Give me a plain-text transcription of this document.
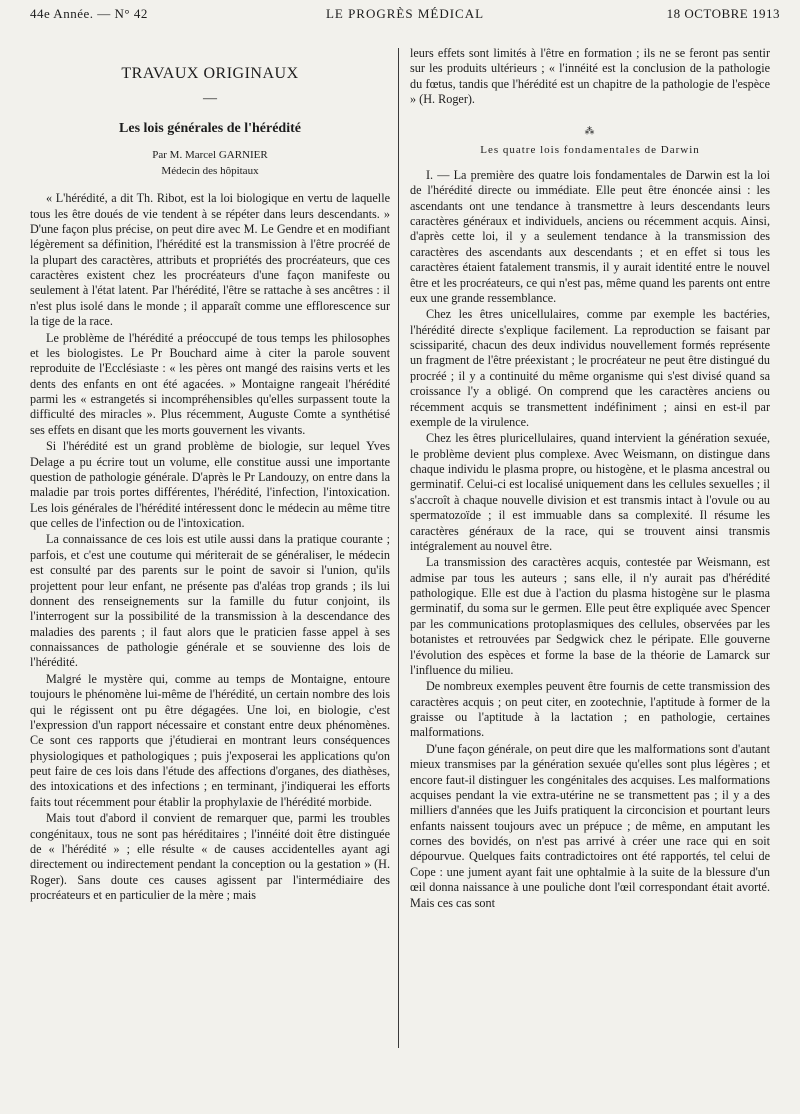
44e Année. — N° 42	LE PROGRÈS MÉDICAL	18 OCTOBRE 1913
TRAVAUX ORIGINAUX
—
Les lois générales de l'hérédité
Par M. Marcel GARNIER
Médecin des hôpitaux

« L'hérédité, a dit Th. Ribot, est la loi biologique en vertu de laquelle tous les être doués de vie tendent à se répéter dans leurs descendants. » D'une façon plus précise, on peut dire avec M. Le Gendre et en modifiant légèrement sa définition, l'hérédité est la transmission à l'être procréé de la plupart des caractères, attributs et propriétés des procréateurs, que ces caractères existent chez les procréateurs d'une façon manifeste ou seulement à l'état latent. Par l'hérédité, l'être se rattache à ses ancêtres : il n'est plus isolé dans le monde ; il apparaît comme une efflorescence sur la tige de la race.

Le problème de l'hérédité a préoccupé de tous temps les philosophes et les biologistes. Le Pr Bouchard aime à citer la parole souvent reproduite de l'Ecclésiaste : « les pères ont mangé des raisins verts et les dents des enfants en ont été agacées. » Montaigne rangeait l'hérédité parmi les « estrangetés si incompréhensibles qu'elles surpassent toute la difficulté des miracles ». Plus récemment, Auguste Comte a synthétisé ses effets en disant que les morts gouvernent les vivants.

Si l'hérédité est un grand problème de biologie, sur lequel Yves Delage a pu écrire tout un volume, elle constitue aussi une importante question de pathologie générale. D'après le Pr Landouzy, on entre dans la maladie par trois portes différentes, l'hérédité, l'infection, l'intoxication. Les lois générales de l'hérédité intéressent donc le médecin au même titre que celles de l'infection ou de l'intoxication.

La connaissance de ces lois est utile aussi dans la pratique courante ; parfois, et c'est une coutume qui mériterait de se généraliser, le médecin est consulté par des parents sur le point de savoir si l'union, qu'ils projettent pour leur enfant, ne présente pas d'aléas trop grands ; ils lui donnent des renseignements sur la famille du futur conjoint, ils l'interrogent sur la possibilité de la transmission à la descendance des maladies des parents ; il faut alors que le praticien fasse appel à ses connaissances de pathologie générale et se souvienne des lois de l'hérédité.

Malgré le mystère qui, comme au temps de Montaigne, entoure toujours le phénomène lui-même de l'hérédité, un certain nombre des lois qui le régissent ont pu être dégagées. Une loi, en biologie, c'est l'expression d'un rapport nécessaire et constant entre deux phénomènes. Ce sont ces rapports que j'étudierai en montrant leurs conséquences physiologiques et pathologiques ; puis j'exposerai les applications qu'on peut faire de ces lois dans l'étude des affections d'organes, des diathèses, des intoxications et des infections ; en terminant, j'indiquerai les efforts faits tout récemment pour établir la prophylaxie de l'hérédité morbide.

Mais tout d'abord il convient de remarquer que, parmi les troubles congénitaux, tous ne sont pas héréditaires ; l'innéité doit être distinguée de « l'hérédité » ; elle résulte « de causes accidentelles ayant agi directement ou indirectement pendant la conception ou la gestation » (H. Roger). Sans doute ces causes agissent par l'intermédiaire des procréateurs et en particulier de la mère ; mais

leurs effets sont limités à l'être en formation ; ils ne se feront pas sentir sur les produits ultérieurs ; « l'innéité est la conclusion de la pathologie du fœtus, tandis que l'hérédité est un chapitre de la pathologie de l'espèce » (H. Roger).

⁂
Les quatre lois fondamentales de Darwin

I. — La première des quatre lois fondamentales de Darwin est la loi de l'hérédité directe ou immédiate. Elle peut être énoncée ainsi : les ascendants ont une tendance à transmettre à leurs descendants leurs caractères généraux et individuels, anciens ou récemment acquis. Ainsi, d'après cette loi, il y a seulement tendance à la transmission des caractères des ascendants aux descendants ; et en effet si tous les caractères étaient fatalement transmis, il y aurait identité entre le nouvel être et les procréateurs, ce qui n'est pas, même quand les parents ont entre eux une grande ressemblance.

Chez les êtres unicellulaires, comme par exemple les bactéries, l'hérédité directe s'explique facilement. La reproduction se faisant par scissiparité, chacun des deux individus nouvellement formés représente un fragment de l'être préexistant ; le procréateur ne peut être distingué du procréé ; il y a continuité du même organisme qui s'est divisé quand sa croissance l'y a obligé. On comprend que les caractères anciens ou récemment acquis se transmettent indéfiniment ; ainsi en est-il par exemple de la virulence.

Chez les êtres pluricellulaires, quand intervient la génération sexuée, le problème devient plus complexe. Avec Weismann, on distingue dans chaque individu le plasma propre, ou histogène, et le plasma ancestral ou germinatif. Celui-ci est localisé uniquement dans les cellules sexuelles ; il s'accroît à chaque nouvelle division et est transmis intact à l'ovule ou au spermatozoïde ; il est immuable dans sa complexité. Il résume les caractères généraux de la race, qui se trouvent ainsi transmis intégralement au nouvel être.

La transmission des caractères acquis, contestée par Weismann, est admise par tous les auteurs ; sans elle, il n'y aurait pas d'hérédité pathologique. Elle est due à l'action du plasma histogène sur le plasma germinatif, du soma sur le germen. Elle peut être expliquée avec Spencer par les communications protoplasmiques des cellules, observées par les botanistes et retrouvées par Sedgwick chez le péripate. Elle gouverne l'évolution des espèces et forme la base de la théorie de Lamarck sur l'influence du milieu.

De nombreux exemples peuvent être fournis de cette transmission des caractères acquis ; on peut citer, en zootechnie, l'aptitude à former de la graisse ou l'aptitude à la lactation ; en pathologie, certaines malformations.

D'une façon générale, on peut dire que les malformations sont d'autant mieux transmises par la génération sexuée qu'elles sont plus légères ; et encore faut-il distinguer les congénitales des acquises. Les malformations acquises pendant la vie extra-utérine ne se transmettent pas ; il y a des milliers d'années que les Juifs pratiquent la circoncision et pourtant leurs enfants naissent toujours avec un prépuce ; de même, en amputant les cornes des bovidés, on n'est pas arrivé à créer une race qui en soit dépourvue. Quelques faits contradictoires ont été rapportés, tel celui de Cope : une jument ayant fait une ophtalmie à la suite de la blessure d'un œil donna naissance à une pouliche dont l'œil correspondant était avorté. Mais ces cas sont
